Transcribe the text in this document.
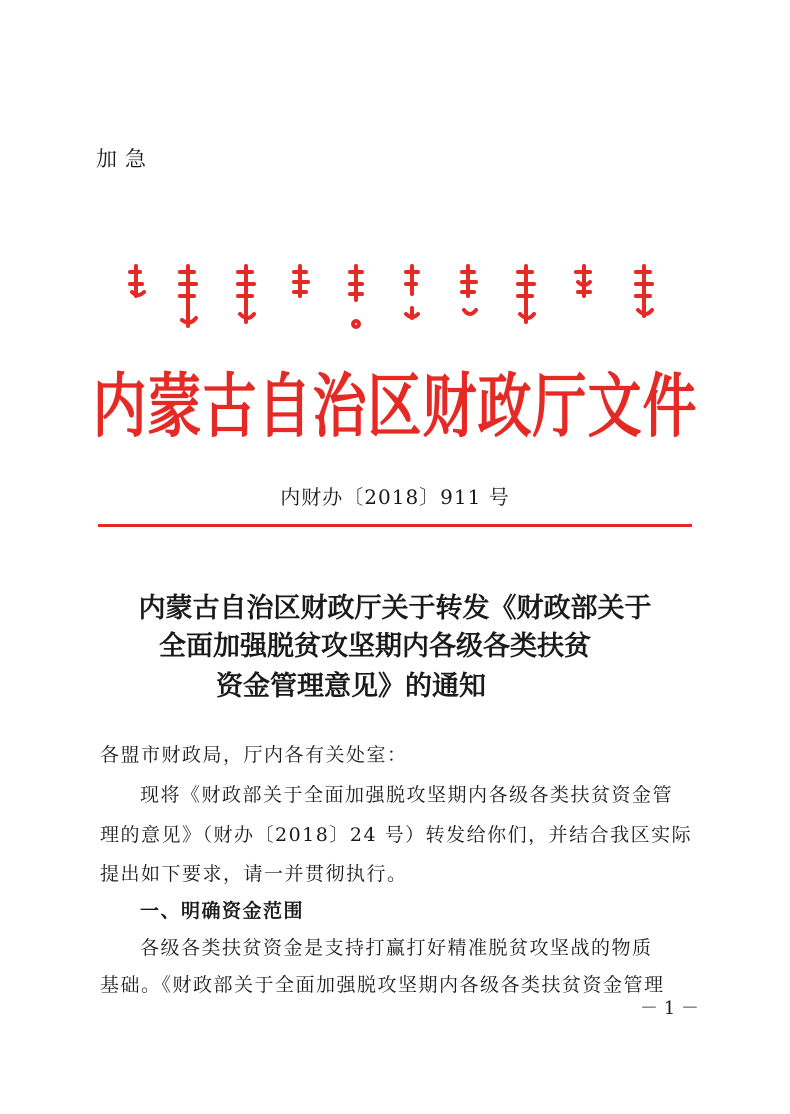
加急
内蒙古自治区财政厅文件
内财办〔2018〕911 号
内蒙古自治区财政厅关于转发《财政部关于
全面加强脱贫攻坚期内各级各类扶贫
资金管理意见》的通知
各盟市财政局，厅内各有关处室：
现将《财政部关于全面加强脱攻坚期内各级各类扶贫资金管
理的意见》（财办〔2018〕24 号）转发给你们，并结合我区实际
提出如下要求，请一并贯彻执行。
一、明确资金范围
各级各类扶贫资金是支持打赢打好精准脱贫攻坚战的物质
基础。《财政部关于全面加强脱攻坚期内各级各类扶贫资金管理
－ 1 －
